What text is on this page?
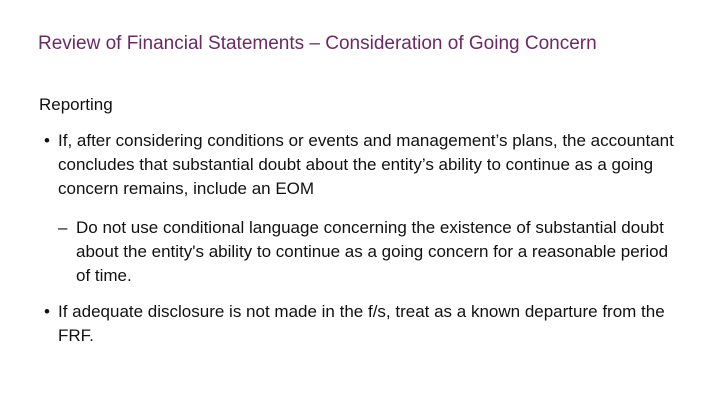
Review of Financial Statements – Consideration of Going Concern
Reporting
• If, after considering conditions or events and management’s plans, the accountant concludes that substantial doubt about the entity’s ability to continue as a going concern remains, include an EOM
– Do not use conditional language concerning the existence of substantial doubt about the entity's ability to continue as a going concern for a reasonable period of time.
• If adequate disclosure is not made in the f/s, treat as a known departure from the FRF.
